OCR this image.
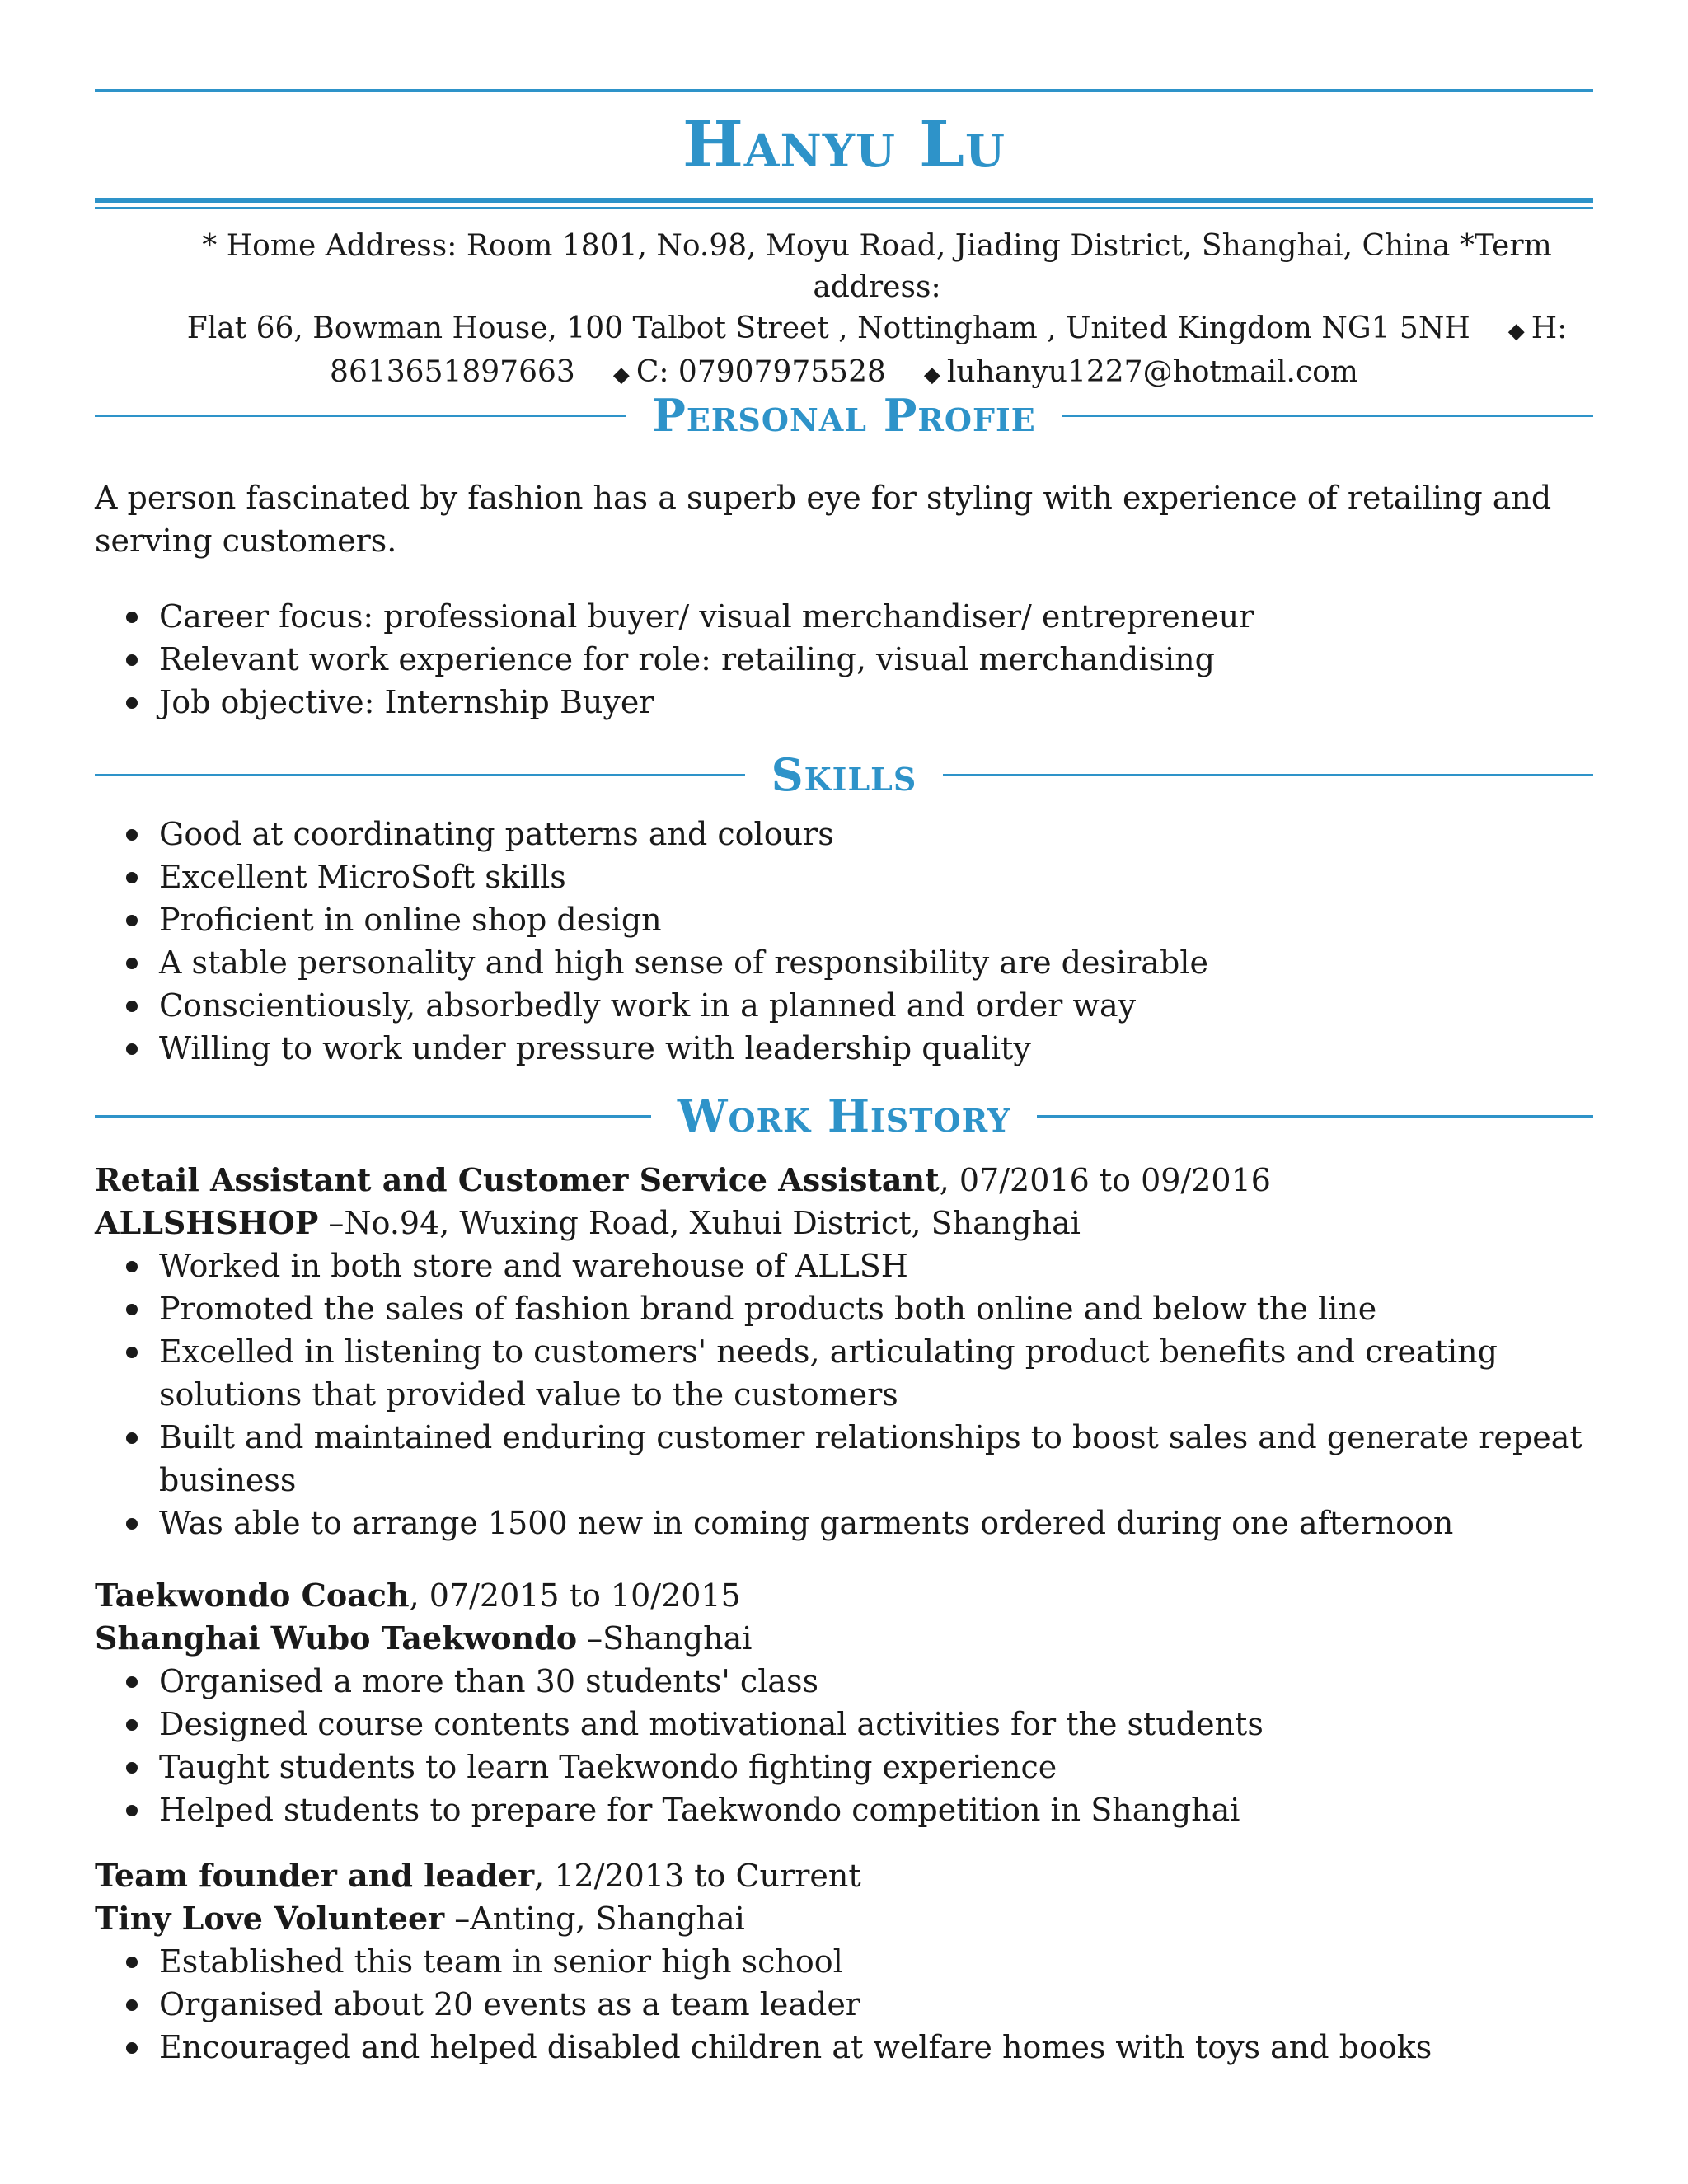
Hanyu Lu
* Home Address: Room 1801, No.98, Moyu Road, Jiading District, Shanghai, China *Term address:
Flat 66, Bowman House, 100 Talbot Street , Nottingham , United Kingdom NG1 5NH ◆ H:
8613651897663 ◆ C: 07907975528 ◆ luhanyu1227@hotmail.com
Personal Profie

A person fascinated by fashion has a superb eye for styling with experience of retailing and serving customers.

Career focus: professional buyer/ visual merchandiser/ entrepreneur
Relevant work experience for role: retailing, visual merchandising
Job objective: Internship Buyer
Skills
Good at coordinating patterns and colours
Excellent MicroSoft skills
Proficient in online shop design
A stable personality and high sense of responsibility are desirable
Conscientiously, absorbedly work in a planned and order way
Willing to work under pressure with leadership quality
Work History

Retail Assistant and Customer Service Assistant, 07/2016 to 09/2016

ALLSHSHOP –No.94, Wuxing Road, Xuhui District, Shanghai

Worked in both store and warehouse of ALLSH
Promoted the sales of fashion brand products both online and below the line
Excelled in listening to customers' needs, articulating product benefits and creating solutions that provided value to the customers
Built and maintained enduring customer relationships to boost sales and generate repeat business
Was able to arrange 1500 new in coming garments ordered during one afternoon

Taekwondo Coach, 07/2015 to 10/2015

Shanghai Wubo Taekwondo –Shanghai

Organised a more than 30 students' class
Designed course contents and motivational activities for the students
Taught students to learn Taekwondo fighting experience
Helped students to prepare for Taekwondo competition in Shanghai

Team founder and leader, 12/2013 to Current

Tiny Love Volunteer –Anting, Shanghai

Established this team in senior high school
Organised about 20 events as a team leader
Encouraged and helped disabled children at welfare homes with toys and books
